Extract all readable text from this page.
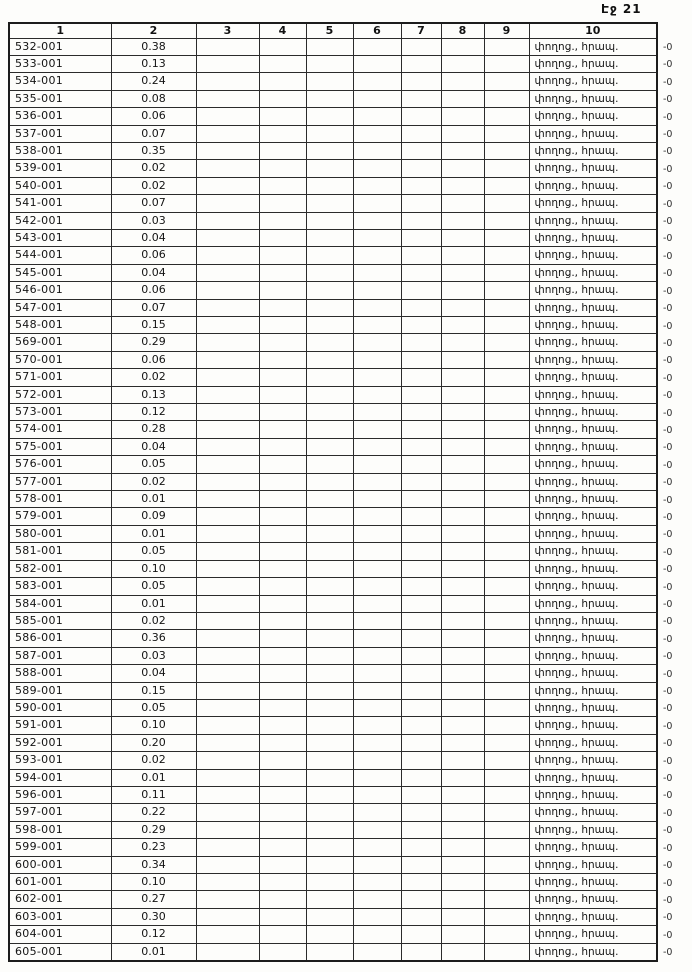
Էջ 21
1	2	3	4	5	6	7	8	9	10
532-001	0.38								փողոց., հրապ.
533-001	0.13								փողոց., հրապ.
534-001	0.24								փողոց., հրապ.
535-001	0.08								փողոց., հրապ.
536-001	0.06								փողոց., հրապ.
537-001	0.07								փողոց., հրապ.
538-001	0.35								փողոց., հրապ.
539-001	0.02								փողոց., հրապ.
540-001	0.02								փողոց., հրապ.
541-001	0.07								փողոց., հրապ.
542-001	0.03								փողոց., հրապ.
543-001	0.04								փողոց., հրապ.
544-001	0.06								փողոց., հրապ.
545-001	0.04								փողոց., հրապ.
546-001	0.06								փողոց., հրապ.
547-001	0.07								փողոց., հրապ.
548-001	0.15								փողոց., հրապ.
569-001	0.29								փողոց., հրապ.
570-001	0.06								փողոց., հրապ.
571-001	0.02								փողոց., հրապ.
572-001	0.13								փողոց., հրապ.
573-001	0.12								փողոց., հրապ.
574-001	0.28								փողոց., հրապ.
575-001	0.04								փողոց., հրապ.
576-001	0.05								փողոց., հրապ.
577-001	0.02								փողոց., հրապ.
578-001	0.01								փողոց., հրապ.
579-001	0.09								փողոց., հրապ.
580-001	0.01								փողոց., հրապ.
581-001	0.05								փողոց., հրապ.
582-001	0.10								փողոց., հրապ.
583-001	0.05								փողոց., հրապ.
584-001	0.01								փողոց., հրապ.
585-001	0.02								փողոց., հրապ.
586-001	0.36								փողոց., հրապ.
587-001	0.03								փողոց., հրապ.
588-001	0.04								փողոց., հրապ.
589-001	0.15								փողոց., հրապ.
590-001	0.05								փողոց., հրապ.
591-001	0.10								փողոց., հրապ.
592-001	0.20								փողոց., հրապ.
593-001	0.02								փողոց., հրապ.
594-001	0.01								փողոց., հրապ.
596-001	0.11								փողոց., հրապ.
597-001	0.22								փողոց., հրապ.
598-001	0.29								փողոց., հրապ.
599-001	0.23								փողոց., հրապ.
600-001	0.34								փողոց., հրապ.
601-001	0.10								փողոց., հրապ.
602-001	0.27								փողոց., հրապ.
603-001	0.30								փողոց., հրապ.
604-001	0.12								փողոց., հրապ.
605-001	0.01								փողոց., հրապ.
-0
-0
-0
-0
-0
-0
-0
-0
-0
-0
-0
-0
-0
-0
-0
-0
-0
-0
-0
-0
-0
-0
-0
-0
-0
-0
-0
-0
-0
-0
-0
-0
-0
-0
-0
-0
-0
-0
-0
-0
-0
-0
-0
-0
-0
-0
-0
-0
-0
-0
-0
-0
-0
